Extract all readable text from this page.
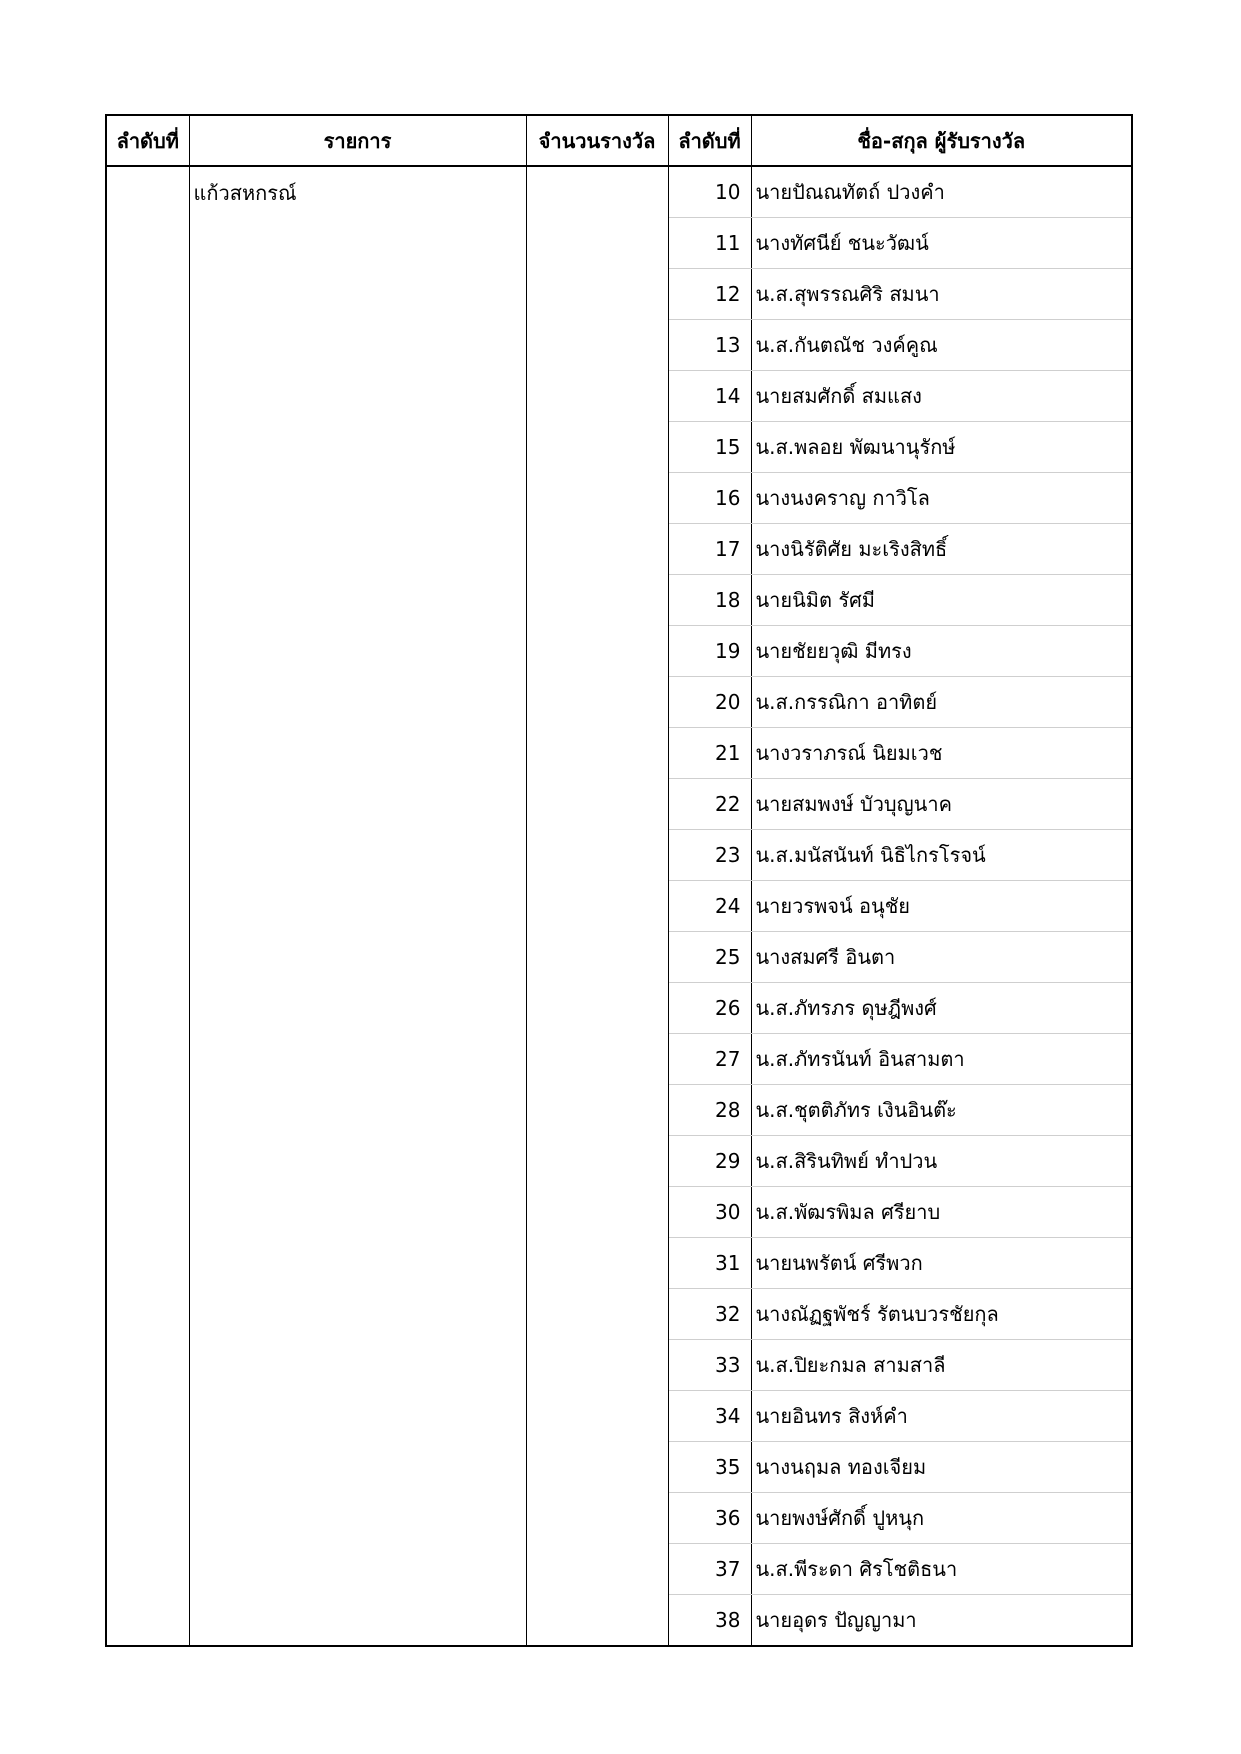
ลำดับที่	รายการ	จำนวนรางวัล	ลำดับที่	ชื่อ-สกุล ผู้รับรางวัล
	แก้วสหกรณ์		10	นายปัณณทัตถ์ ปวงคำ
			11	นางทัศนีย์ ชนะวัฒน์
			12	น.ส.สุพรรณศิริ สมนา
			13	น.ส.กันตณัช วงค์คูณ
			14	นายสมศักดิ์ สมแสง
			15	น.ส.พลอย พัฒนานุรักษ์
			16	นางนงคราญ กาวิโล
			17	นางนิรัติศัย มะเริงสิทธิ์
			18	นายนิมิต รัศมี
			19	นายชัยยวุฒิ มีทรง
			20	น.ส.กรรณิกา อาทิตย์
			21	นางวราภรณ์ นิยมเวช
			22	นายสมพงษ์ บัวบุญนาค
			23	น.ส.มนัสนันท์ นิธิไกรโรจน์
			24	นายวรพจน์ อนุชัย
			25	นางสมศรี อินตา
			26	น.ส.ภัทรภร ดุษฎีพงศ์
			27	น.ส.ภัทรนันท์ อินสามตา
			28	น.ส.ชุตติภัทร เงินอินต๊ะ
			29	น.ส.สิรินทิพย์ ทำปวน
			30	น.ส.พัฒรพิมล ศรียาบ
			31	นายนพรัตน์ ศรีพวก
			32	นางณัฏฐพัชร์ รัตนบวรชัยกุล
			33	น.ส.ปิยะกมล สามสาลี
			34	นายอินทร สิงห์คำ
			35	นางนฤมล ทองเจียม
			36	นายพงษ์ศักดิ์ ปูหนุก
			37	น.ส.พีระดา ศิรโชติธนา
			38	นายอุดร ปัญญามา
